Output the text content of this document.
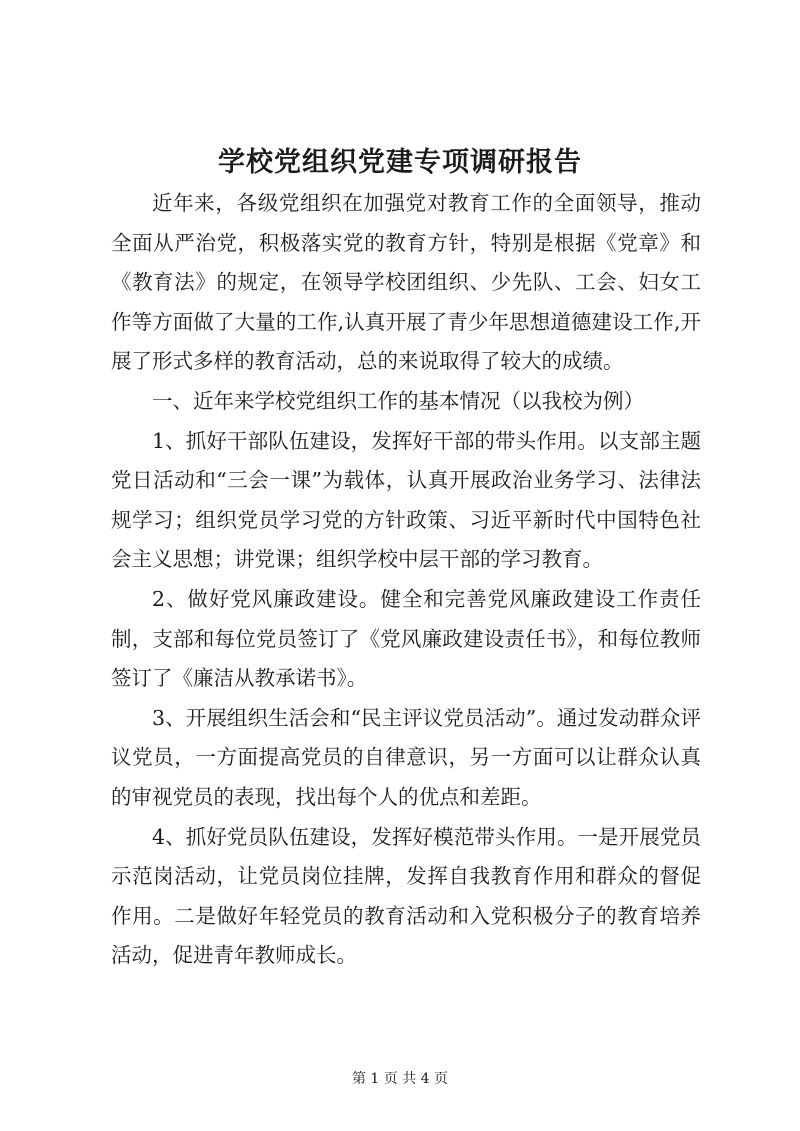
学校党组织党建专项调研报告

近年来，各级党组织在加强党对教育工作的全面领导，推动全面从严治党，积极落实党的教育方针，特别是根据《党章》和《教育法》的规定，在领导学校团组织、少先队、工会、妇女工作等方面做了大量的工作,认真开展了青少年思想道德建设工作,开展了形式多样的教育活动，总的来说取得了较大的成绩。

一、近年来学校党组织工作的基本情况（以我校为例）

1、抓好干部队伍建设，发挥好干部的带头作用。以支部主题党日活动和“三会一课”为载体，认真开展政治业务学习、法律法规学习；组织党员学习党的方针政策、习近平新时代中国特色社会主义思想；讲党课；组织学校中层干部的学习教育。

2、做好党风廉政建设。健全和完善党风廉政建设工作责任制，支部和每位党员签订了《党风廉政建设责任书》，和每位教师签订了《廉洁从教承诺书》。

3、开展组织生活会和“民主评议党员活动”。通过发动群众评议党员，一方面提高党员的自律意识，另一方面可以让群众认真的审视党员的表现，找出每个人的优点和差距。

4、抓好党员队伍建设，发挥好模范带头作用。一是开展党员示范岗活动，让党员岗位挂牌，发挥自我教育作用和群众的督促作用。二是做好年轻党员的教育活动和入党积极分子的教育培养活动，促进青年教师成长。

第 1 页 共 4 页
